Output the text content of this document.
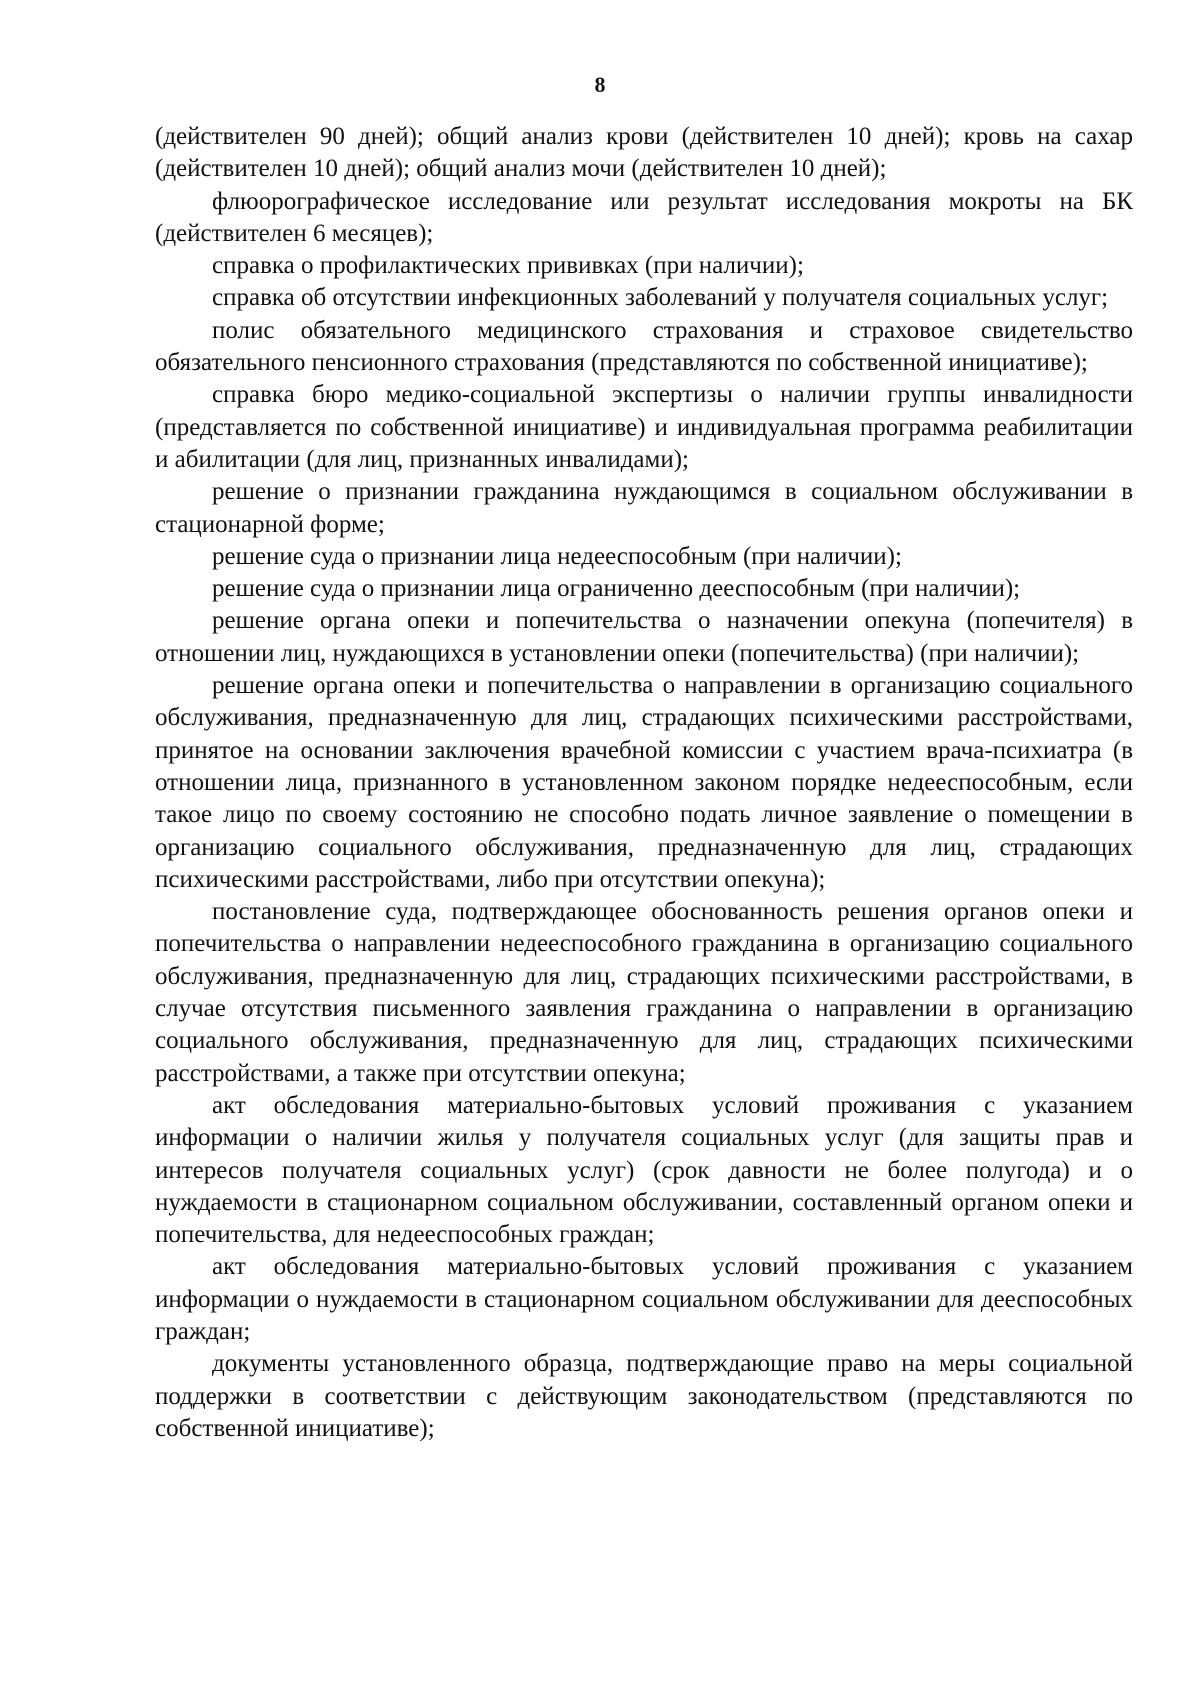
8

(действителен 90 дней); общий анализ крови (действителен 10 дней); кровь на сахар (действителен 10 дней); общий анализ мочи (действителен 10 дней);

флюорографическое исследование или результат исследования мокроты на БК (действителен 6 месяцев);

справка о профилактических прививках (при наличии);

справка об отсутствии инфекционных заболеваний у получателя социальных услуг;

полис обязательного медицинского страхования и страховое свидетельство обязательного пенсионного страхования (представляются по собственной инициативе);

справка бюро медико-социальной экспертизы о наличии группы инвалидности (представляется по собственной инициативе) и индивидуальная программа реабилитации и абилитации (для лиц, признанных инвалидами);

решение о признании гражданина нуждающимся в социальном обслуживании в стационарной форме;

решение суда о признании лица недееспособным (при наличии);

решение суда о признании лица ограниченно дееспособным (при наличии);

решение органа опеки и попечительства о назначении опекуна (попечителя) в отношении лиц, нуждающихся в установлении опеки (попечительства) (при наличии);

решение органа опеки и попечительства о направлении в организацию социального обслуживания, предназначенную для лиц, страдающих психическими расстройствами, принятое на основании заключения врачебной комиссии с участием врача-психиатра (в отношении лица, признанного в установленном законом порядке недееспособным, если такое лицо по своему состоянию не способно подать личное заявление о помещении в организацию социального обслуживания, предназначенную для лиц, страдающих психическими расстройствами, либо при отсутствии опекуна);

постановление суда, подтверждающее обоснованность решения органов опеки и попечительства о направлении недееспособного гражданина в организацию социального обслуживания, предназначенную для лиц, страдающих психическими расстройствами, в случае отсутствия письменного заявления гражданина о направлении в организацию социального обслуживания, предназначенную для лиц, страдающих психическими расстройствами, а также при отсутствии опекуна;

акт обследования материально-бытовых условий проживания с указанием информации о наличии жилья у получателя социальных услуг (для защиты прав и интересов получателя социальных услуг) (срок давности не более полугода) и о нуждаемости в стационарном социальном обслуживании, составленный органом опеки и попечительства, для недееспособных граждан;

акт обследования материально-бытовых условий проживания с указанием информации о нуждаемости в стационарном социальном обслуживании для дееспособных граждан;

документы установленного образца, подтверждающие право на меры социальной поддержки в соответствии с действующим законодательством (представляются по собственной инициативе);
